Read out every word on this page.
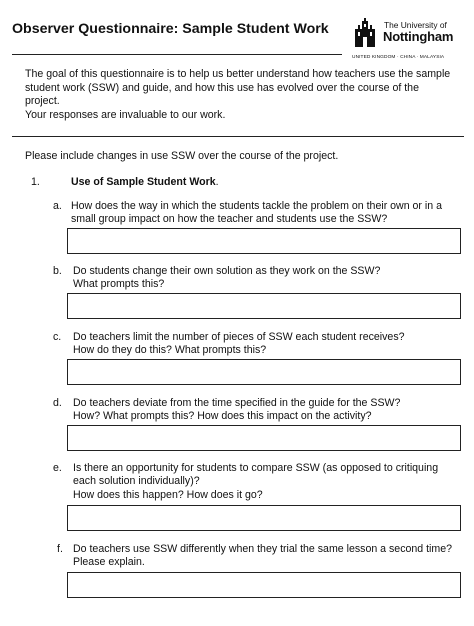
Observer Questionnaire: Sample Student Work	The University of
Nottingham
UNITED KINGDOM · CHINA · MALAYSIA
The goal of this questionnaire is to help us better understand how teachers use the sample student work (SSW) and guide, and how this use has evolved over the course of the project.
Your responses are invaluable to our work.
Please include changes in use SSW over the course of the project.
1.	Use of Sample Student Work.
a. How does the way in which the students tackle the problem on their own or in a small group impact on how the teacher and students use the SSW?
b. Do students change their own solution as they work on the SSW?
What prompts this?
c. Do teachers limit the number of pieces of SSW each student receives?
How do they do this? What prompts this?
d. Do teachers deviate from the time specified in the guide for the SSW?
How? What prompts this? How does this impact on the activity?
e. Is there an opportunity for students to compare SSW (as opposed to critiquing each solution individually)?
How does this happen? How does it go?
f. Do teachers use SSW differently when they trial the same lesson a second time?
Please explain.
